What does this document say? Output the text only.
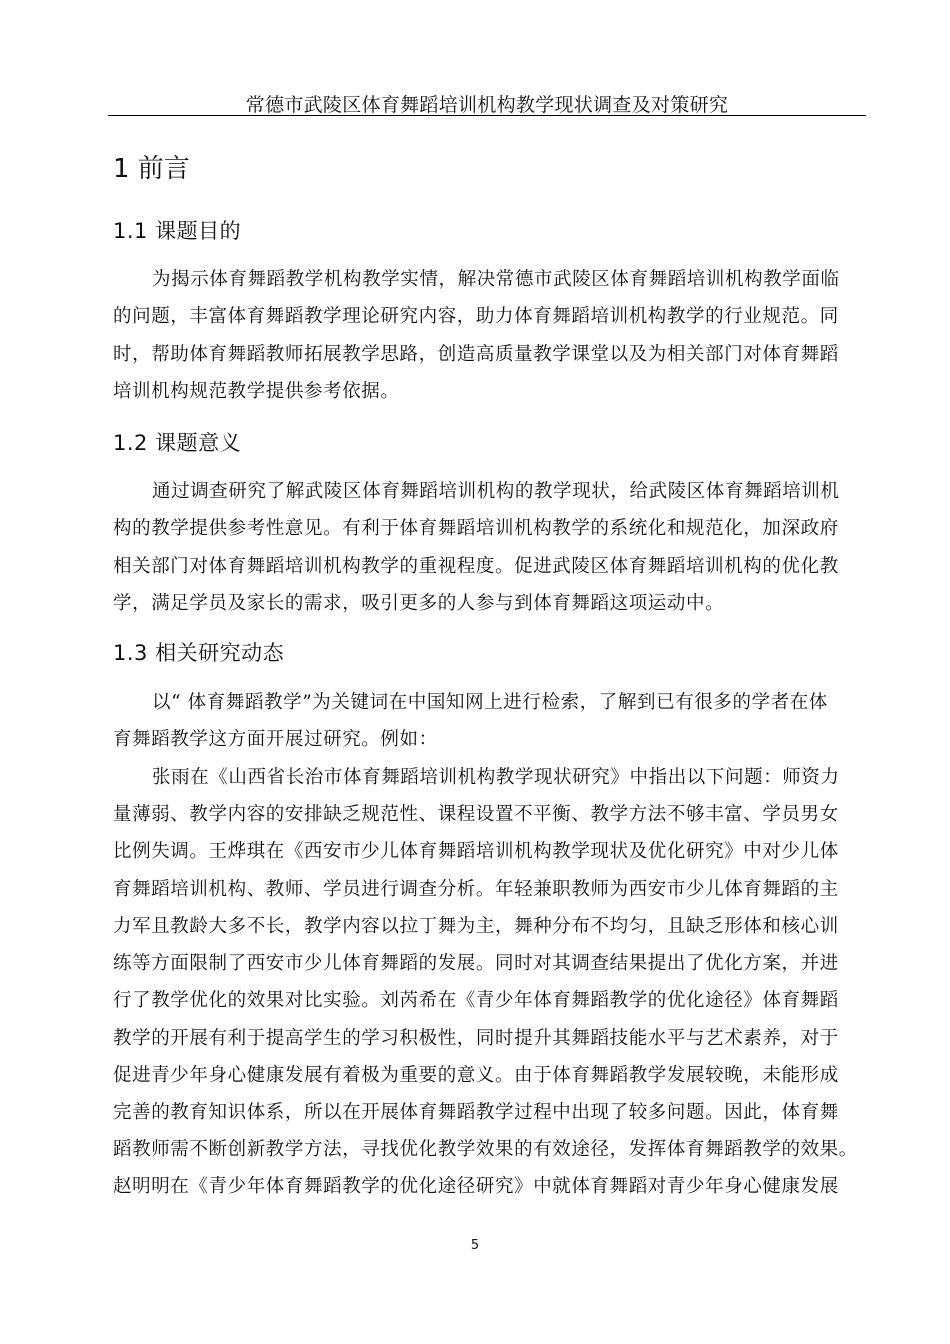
常德市武陵区体育舞蹈培训机构教学现状调查及对策研究
1 前言
1.1 课题目的
为揭示体育舞蹈教学机构教学实情，解决常德市武陵区体育舞蹈培训机构教学面临
的问题，丰富体育舞蹈教学理论研究内容，助力体育舞蹈培训机构教学的行业规范。同
时，帮助体育舞蹈教师拓展教学思路，创造高质量教学课堂以及为相关部门对体育舞蹈
培训机构规范教学提供参考依据。
1.2 课题意义
通过调查研究了解武陵区体育舞蹈培训机构的教学现状，给武陵区体育舞蹈培训机
构的教学提供参考性意见。有利于体育舞蹈培训机构教学的系统化和规范化，加深政府
相关部门对体育舞蹈培训机构教学的重视程度。促进武陵区体育舞蹈培训机构的优化教
学，满足学员及家长的需求，吸引更多的人参与到体育舞蹈这项运动中。
1.3 相关研究动态
以“ 体育舞蹈教学”为关键词在中国知网上进行检索，了解到已有很多的学者在体
育舞蹈教学这方面开展过研究。例如：
张雨在《山西省长治市体育舞蹈培训机构教学现状研究》中指出以下问题：师资力
量薄弱、教学内容的安排缺乏规范性、课程设置不平衡、教学方法不够丰富、学员男女
比例失调。王烨琪在《西安市少儿体育舞蹈培训机构教学现状及优化研究》中对少儿体
育舞蹈培训机构、教师、学员进行调查分析。年轻兼职教师为西安市少儿体育舞蹈的主
力军且教龄大多不长，教学内容以拉丁舞为主，舞种分布不均匀，且缺乏形体和核心训
练等方面限制了西安市少儿体育舞蹈的发展。同时对其调查结果提出了优化方案，并进
行了教学优化的效果对比实验。刘芮希在《青少年体育舞蹈教学的优化途径》体育舞蹈
教学的开展有利于提高学生的学习积极性，同时提升其舞蹈技能水平与艺术素养，对于
促进青少年身心健康发展有着极为重要的意义。由于体育舞蹈教学发展较晚，未能形成
完善的教育知识体系，所以在开展体育舞蹈教学过程中出现了较多问题。因此，体育舞
蹈教师需不断创新教学方法，寻找优化教学效果的有效途径，发挥体育舞蹈教学的效果。
赵明明在《青少年体育舞蹈教学的优化途径研究》中就体育舞蹈对青少年身心健康发展
5
